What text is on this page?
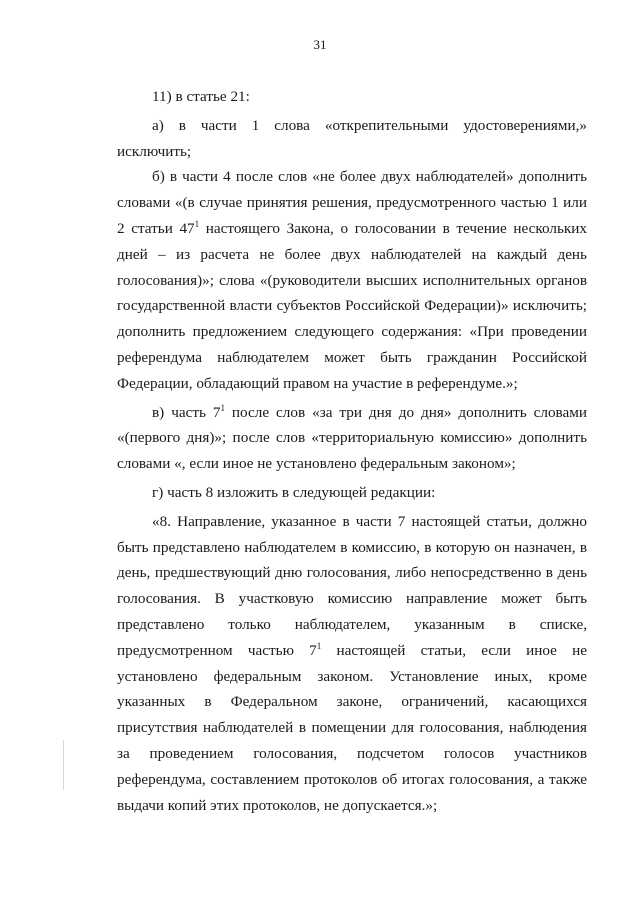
31

11) в статье 21:

а) в части 1 слова «открепительными удостоверениями,» исключить;

б) в части 4 после слов «не более двух наблюдателей» дополнить словами «(в случае принятия решения, предусмотренного частью 1 или 2 статьи $47^1$ настоящего Закона, о голосовании в течение нескольких дней – из расчета не более двух наблюдателей на каждый день голосования)»; слова «(руководители высших исполнительных органов государственной власти субъектов Российской Федерации)» исключить; дополнить предложением следующего содержания: «При проведении референдума наблюдателем может быть гражданин Российской Федерации, обладающий правом на участие в референдуме.»;

в) часть $7^1$ после слов «за три дня до дня» дополнить словами «(первого дня)»; после слов «территориальную комиссию» дополнить словами «, если иное не установлено федеральным законом»;

г) часть 8 изложить в следующей редакции:

«8. Направление, указанное в части 7 настоящей статьи, должно быть представлено наблюдателем в комиссию, в которую он назначен, в день, предшествующий дню голосования, либо непосредственно в день голосования. В участковую комиссию направление может быть представлено только наблюдателем, указанным в списке, предусмотренном частью $7^1$ настоящей статьи, если иное не установлено федеральным законом. Установление иных, кроме указанных в Федеральном законе, ограничений, касающихся присутствия наблюдателей в помещении для голосования, наблюдения за проведением голосования, подсчетом голосов участников референдума, составлением протоколов об итогах голосования, а также выдачи копий этих протоколов, не допускается.»;
